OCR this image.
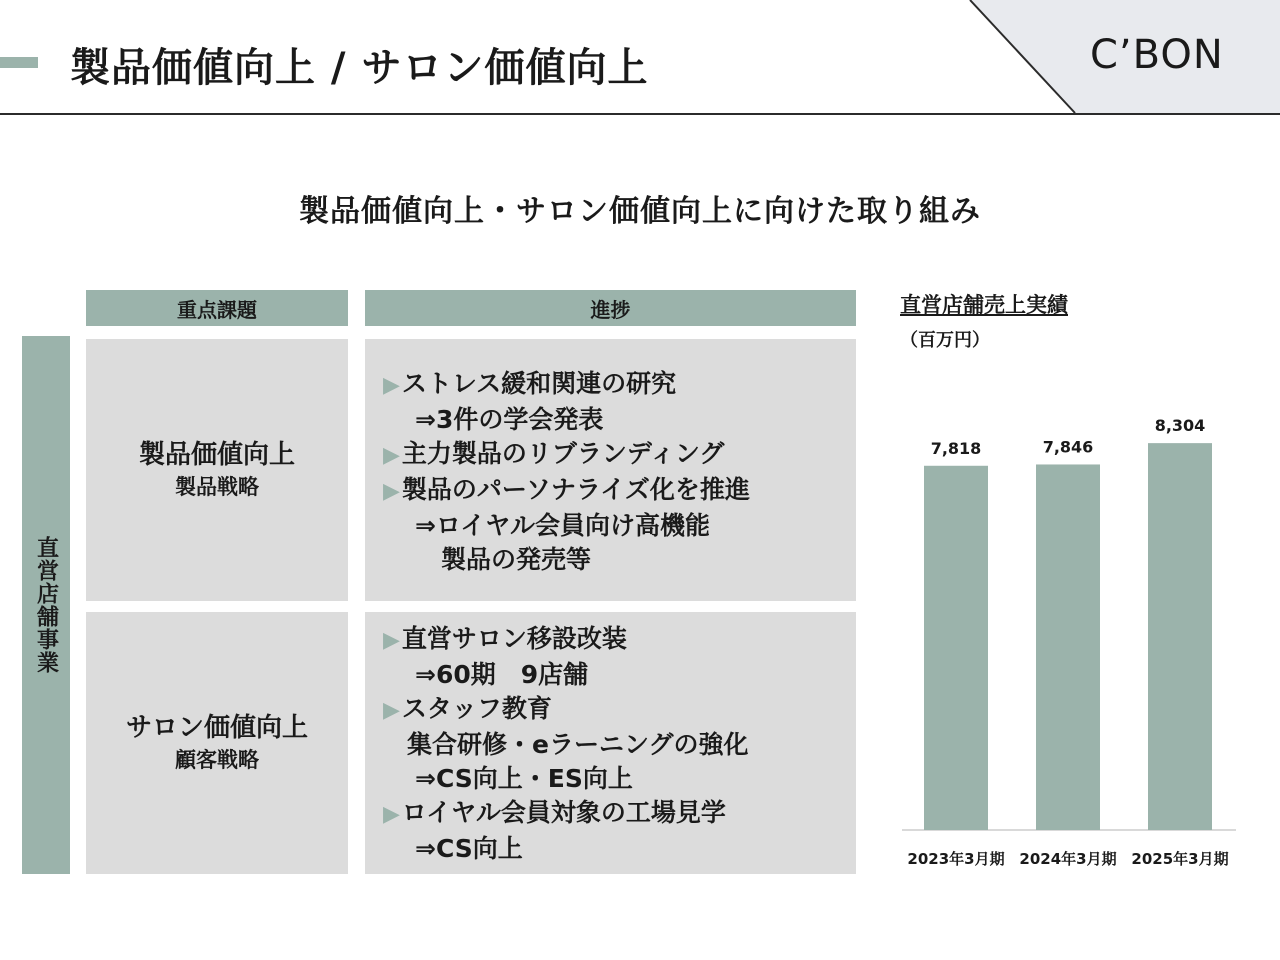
製品価値向上 / サロン価値向上	C’BON
製品価値向上・サロン価値向上に向けた取り組み
重点課題	進捗
直営店舗事業
製品価値向上
製品戦略
▶ストレス緩和関連の研究
⇒3件の学会発表
▶主力製品のリブランディング
▶製品のパーソナライズ化を推進
⇒ロイヤル会員向け高機能
製品の発売等
サロン価値向上
顧客戦略
▶直営サロン移設改装
⇒60期　9店舗
▶スタッフ教育
集合研修・eラーニングの強化
⇒CS向上・ES向上
▶ロイヤル会員対象の工場見学
⇒CS向上
直営店舗売上実績
（百万円）
7,818
2023年3月期
7,846
2024年3月期
8,304
2025年3月期
